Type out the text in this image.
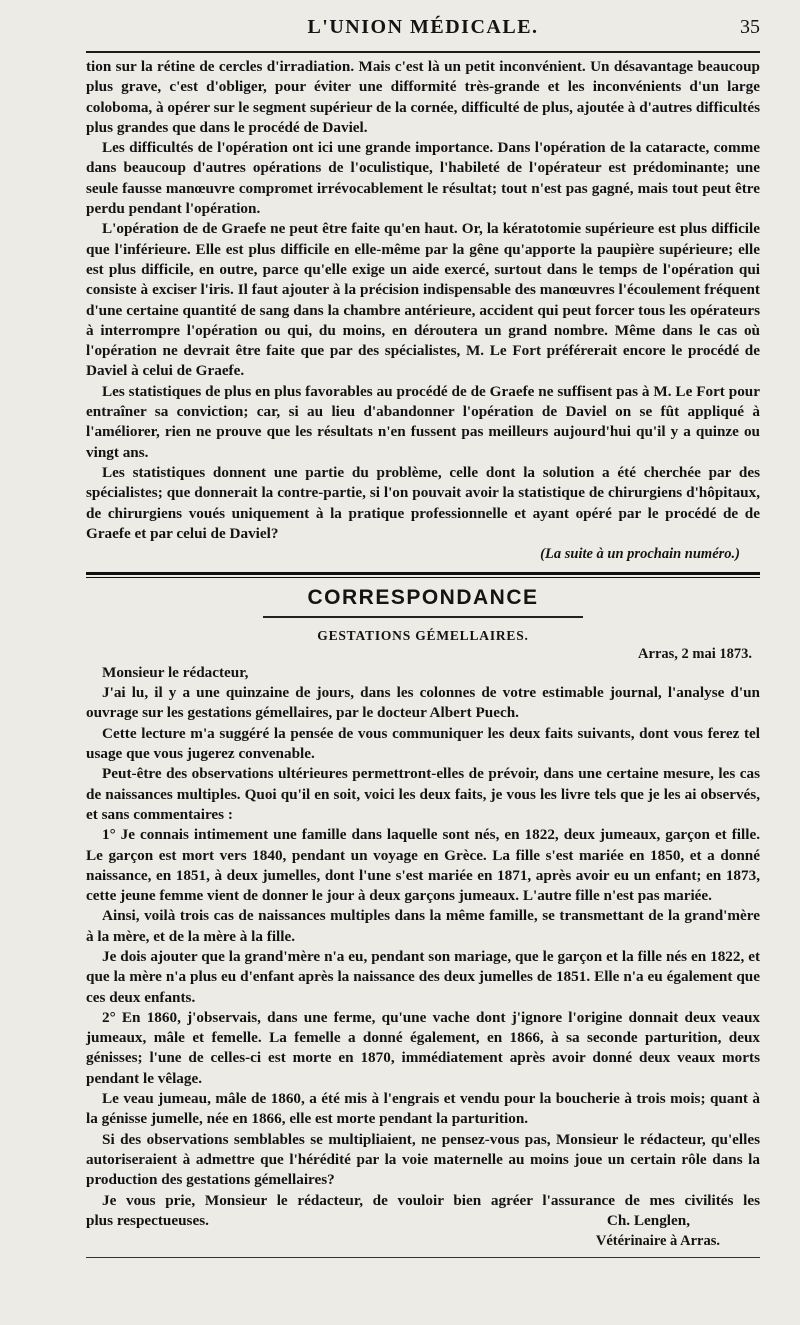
L'UNION MÉDICALE.	35

tion sur la rétine de cercles d'irradiation. Mais c'est là un petit inconvénient. Un désavantage beaucoup plus grave, c'est d'obliger, pour éviter une difformité très-grande et les inconvénients d'un large coloboma, à opérer sur le segment supérieur de la cornée, difficulté de plus, ajoutée à d'autres difficultés plus grandes que dans le procédé de Daviel.

Les difficultés de l'opération ont ici une grande importance. Dans l'opération de la cataracte, comme dans beaucoup d'autres opérations de l'oculistique, l'habileté de l'opérateur est prédominante; une seule fausse manœuvre compromet irrévocablement le résultat; tout n'est pas gagné, mais tout peut être perdu pendant l'opération.

L'opération de de Graefe ne peut être faite qu'en haut. Or, la kératotomie supérieure est plus difficile que l'inférieure. Elle est plus difficile en elle-même par la gêne qu'apporte la paupière supérieure; elle est plus difficile, en outre, parce qu'elle exige un aide exercé, surtout dans le temps de l'opération qui consiste à exciser l'iris. Il faut ajouter à la précision indispensable des manœuvres l'écoulement fréquent d'une certaine quantité de sang dans la chambre antérieure, accident qui peut forcer tous les opérateurs à interrompre l'opération ou qui, du moins, en déroutera un grand nombre. Même dans le cas où l'opération ne devrait être faite que par des spécialistes, M. Le Fort préférerait encore le procédé de Daviel à celui de Graefe.

Les statistiques de plus en plus favorables au procédé de de Graefe ne suffisent pas à M. Le Fort pour entraîner sa conviction; car, si au lieu d'abandonner l'opération de Daviel on se fût appliqué à l'améliorer, rien ne prouve que les résultats n'en fussent pas meilleurs aujourd'hui qu'il y a quinze ou vingt ans.

Les statistiques donnent une partie du problème, celle dont la solution a été cherchée par des spécialistes; que donnerait la contre-partie, si l'on pouvait avoir la statistique de chirurgiens d'hôpitaux, de chirurgiens voués uniquement à la pratique professionnelle et ayant opéré par le procédé de de Graefe et par celui de Daviel?

(La suite à un prochain numéro.)
CORRESPONDANCE
GESTATIONS GÉMELLAIRES.
Arras, 2 mai 1873.
Monsieur le rédacteur,

J'ai lu, il y a une quinzaine de jours, dans les colonnes de votre estimable journal, l'analyse d'un ouvrage sur les gestations gémellaires, par le docteur Albert Puech.

Cette lecture m'a suggéré la pensée de vous communiquer les deux faits suivants, dont vous ferez tel usage que vous jugerez convenable.

Peut-être des observations ultérieures permettront-elles de prévoir, dans une certaine mesure, les cas de naissances multiples. Quoi qu'il en soit, voici les deux faits, je vous les livre tels que je les ai observés, et sans commentaires :

1° Je connais intimement une famille dans laquelle sont nés, en 1822, deux jumeaux, garçon et fille. Le garçon est mort vers 1840, pendant un voyage en Grèce. La fille s'est mariée en 1850, et a donné naissance, en 1851, à deux jumelles, dont l'une s'est mariée en 1871, après avoir eu un enfant; en 1873, cette jeune femme vient de donner le jour à deux garçons jumeaux. L'autre fille n'est pas mariée.

Ainsi, voilà trois cas de naissances multiples dans la même famille, se transmettant de la grand'mère à la mère, et de la mère à la fille.

Je dois ajouter que la grand'mère n'a eu, pendant son mariage, que le garçon et la fille nés en 1822, et que la mère n'a plus eu d'enfant après la naissance des deux jumelles de 1851. Elle n'a eu également que ces deux enfants.

2° En 1860, j'observais, dans une ferme, qu'une vache dont j'ignore l'origine donnait deux veaux jumeaux, mâle et femelle. La femelle a donné également, en 1866, à sa seconde parturition, deux génisses; l'une de celles-ci est morte en 1870, immédiatement après avoir donné deux veaux morts pendant le vêlage.

Le veau jumeau, mâle de 1860, a été mis à l'engrais et vendu pour la boucherie à trois mois; quant à la génisse jumelle, née en 1866, elle est morte pendant la parturition.

Si des observations semblables se multipliaient, ne pensez-vous pas, Monsieur le rédacteur, qu'elles autoriseraient à admettre que l'hérédité par la voie maternelle au moins joue un certain rôle dans la production des gestations gémellaires?

Je vous prie, Monsieur le rédacteur, de vouloir bien agréer l'assurance de mes civilités les

plus respectueuses.	Ch. Lenglen,
Vétérinaire à Arras.
